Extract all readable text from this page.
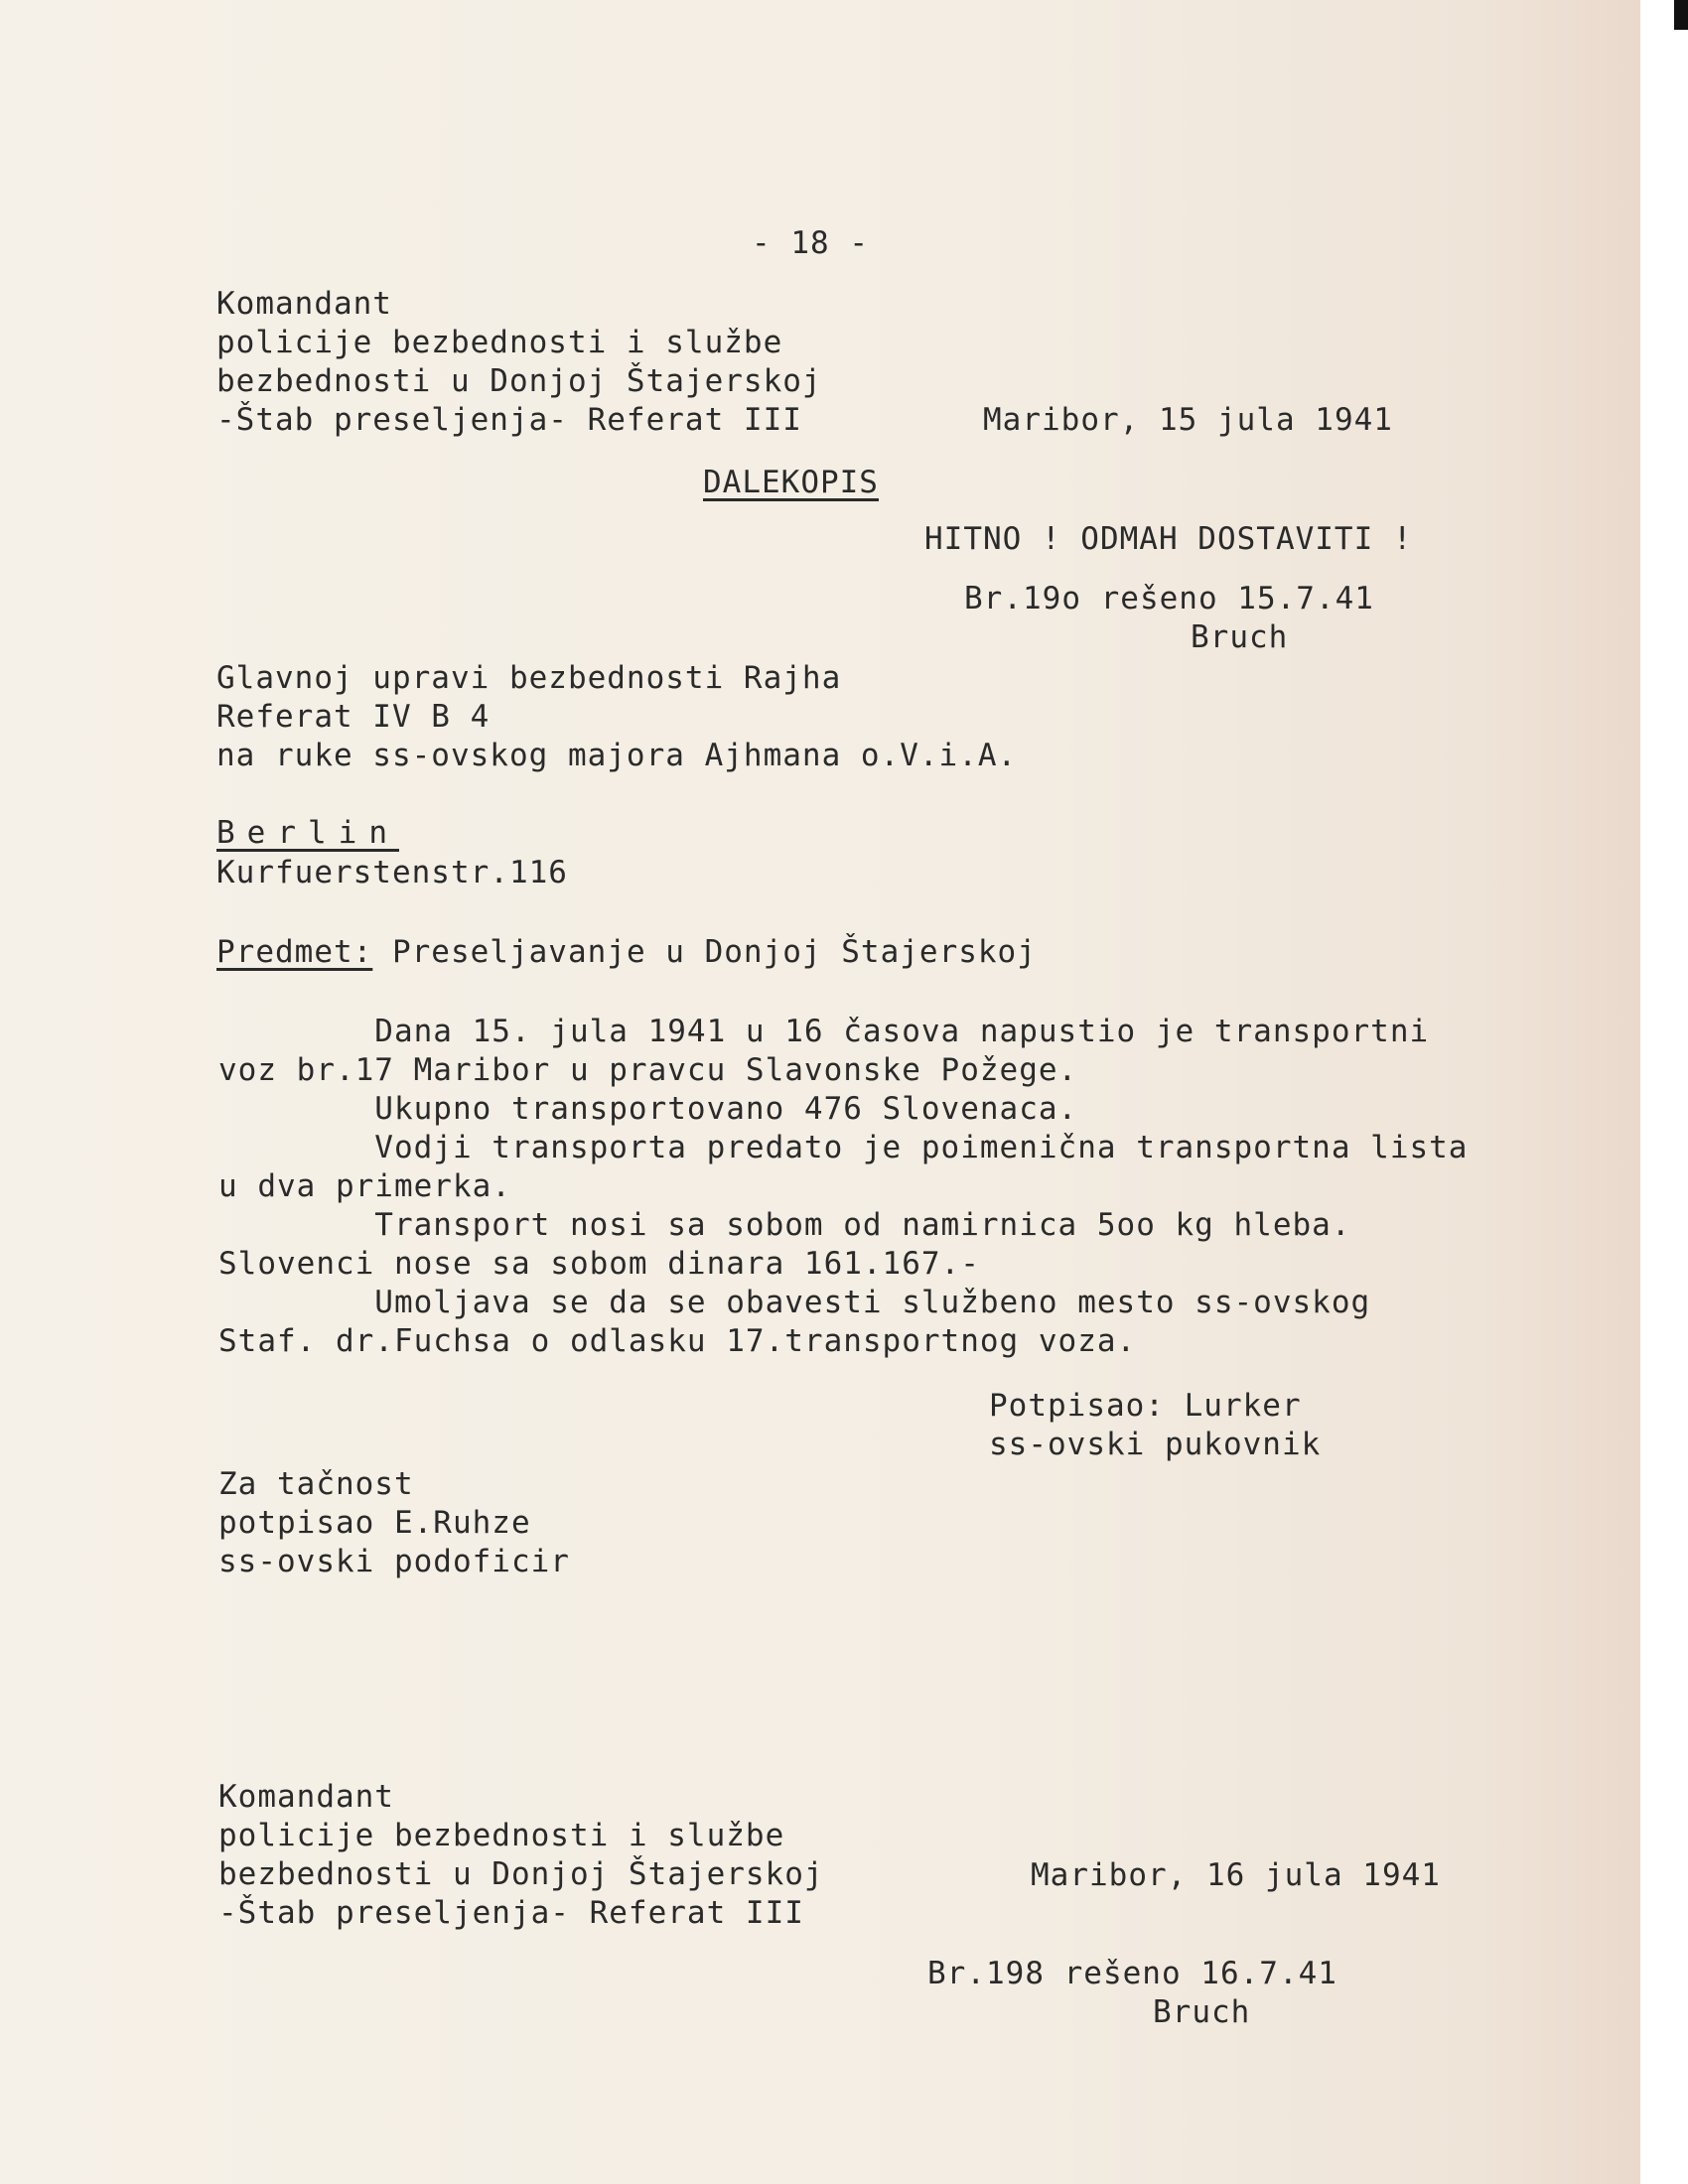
- 18 -
Komandant
policije bezbednosti i službe
bezbednosti u Donjoj Štajerskoj
-Štab preseljenja- Referat III	Maribor, 15 jula 1941
DALEKOPIS
HITNO ! ODMAH DOSTAVITI !
Br.19o rešeno 15.7.41
Bruch
Glavnoj upravi bezbednosti Rajha
Referat IV B 4
na ruke ss-ovskog majora Ajhmana o.V.i.A.
Berlin
Kurfuerstenstr.116
Predmet: Preseljavanje u Donjoj Štajerskoj
Dana 15. jula 1941 u 16 časova napustio je transportni
voz br.17 Maribor u pravcu Slavonske Požege.
Ukupno transportovano 476 Slovenaca.
Vodji transporta predato je poimenična transportna lista
u dva primerka.
Transport nosi sa sobom od namirnica 5oo kg hleba.
Slovenci nose sa sobom dinara 161.167.-
Umoljava se da se obavesti službeno mesto ss-ovskog
Staf. dr.Fuchsa o odlasku 17.transportnog voza.
Potpisao: Lurker
ss-ovski pukovnik
Za tačnost
potpisao E.Ruhze
ss-ovski podoficir
Komandant
policije bezbednosti i službe
bezbednosti u Donjoj Štajerskoj
-Štab preseljenja- Referat III
Maribor, 16 jula 1941
Br.198 rešeno 16.7.41
Bruch
